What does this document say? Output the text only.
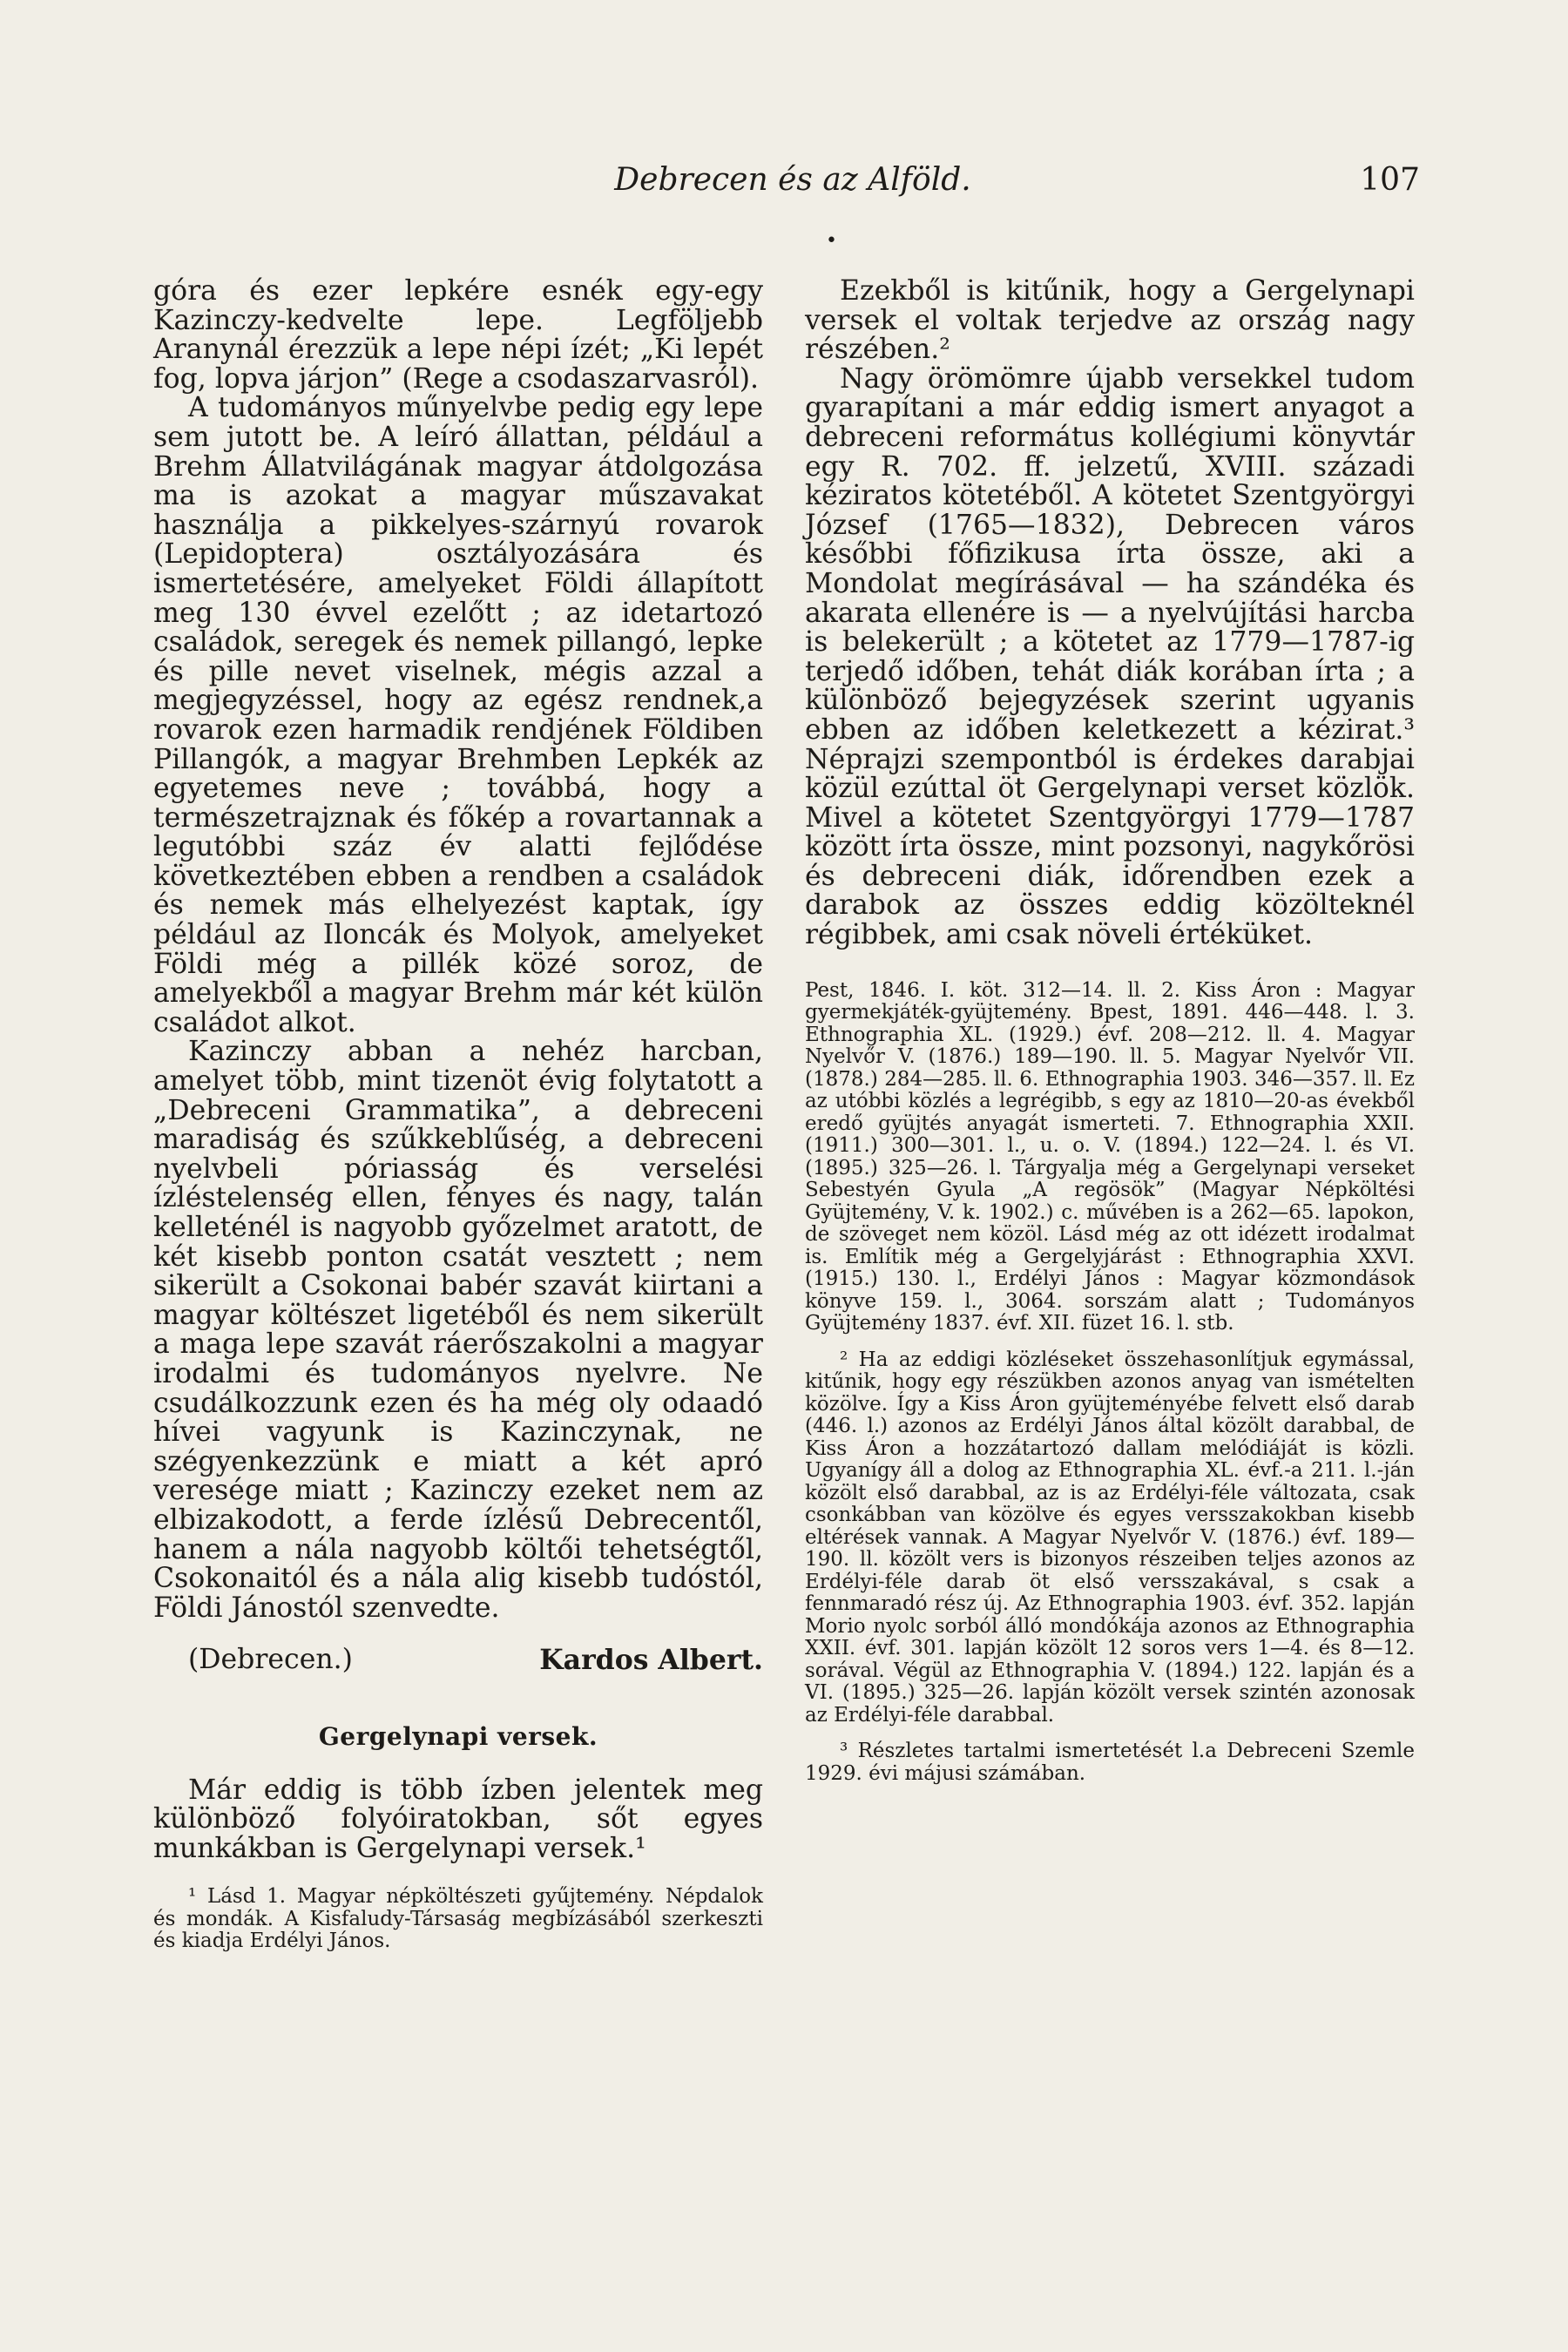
Debrecen és az Alföld.	107
•

góra és ezer lepkére esnék egy-egy Kazinczy-kedvelte lepe. Legföljebb Aranynál érezzük a lepe népi ízét; „Ki lepét fog, lopva járjon” (Rege a csodaszarvasról).

A tudományos műnyelvbe pedig egy lepe sem jutott be. A leíró állattan, például a Brehm Állatvilágának magyar átdolgozása ma is azokat a magyar műszavakat használja a pikkelyes-szárnyú rovarok (Lepidoptera) osztályozására és ismertetésére, amelyeket Földi állapított meg 130 évvel ezelőtt ; az idetartozó családok, seregek és nemek pillangó, lepke és pille nevet viselnek, mégis azzal a megjegyzéssel, hogy az egész rendnek,a rovarok ezen harmadik rendjének Földiben Pillangók, a magyar Brehmben Lepkék az egyetemes neve ; továbbá, hogy a természetrajznak és főkép a rovartannak a legutóbbi száz év alatti fejlődése következtében ebben a rendben a családok és nemek más elhelyezést kaptak, így például az Iloncák és Molyok, amelyeket Földi még a pillék közé soroz, de amelyekből a magyar Brehm már két külön családot alkot.

Kazinczy abban a nehéz harcban, amelyet több, mint tizenöt évig folytatott a „Debreceni Grammatika”, a debreceni maradiság és szűkkeblűség, a debreceni nyelvbeli póriasság és verselési ízléstelenség ellen, fényes és nagy, talán kelleténél is nagyobb győzelmet aratott, de két kisebb ponton csatát vesztett ; nem sikerült a Csokonai babér szavát kiirtani a magyar költészet ligetéből és nem sikerült a maga lepe szavát ráerőszakolni a magyar irodalmi és tudományos nyelvre. Ne csudálkozzunk ezen és ha még oly odaadó hívei vagyunk is Kazinczynak, ne szégyenkezzünk e miatt a két apró veresége miatt ; Kazinczy ezeket nem az elbizakodott, a ferde ízlésű Debrecentől, hanem a nála nagyobb költői tehetségtől, Csokonaitól és a nála alig kisebb tudóstól, Földi Jánostól szenvedte.

(Debrecen.)	Kardos Albert.
Gergelynapi versek.

Már eddig is több ízben jelentek meg különböző folyóiratokban, sőt egyes munkákban is Gergelynapi versek.¹

¹ Lásd 1. Magyar népköltészeti gyűjtemény. Népdalok és mondák. A Kisfaludy-Társaság megbízásából szerkeszti és kiadja Erdélyi János.

Ezekből is kitűnik, hogy a Gergelynapi versek el voltak terjedve az ország nagy részében.²

Nagy örömömre újabb versekkel tudom gyarapítani a már eddig ismert anyagot a debreceni református kollégiumi könyvtár egy R. 702. ff. jelzetű, XVIII. századi kéziratos kötetéből. A kötetet Szentgyörgyi József (1765—1832), Debrecen város későbbi főfizikusa írta össze, aki a Mondolat megírásával — ha szándéka és akarata ellenére is — a nyelvújítási harcba is belekerült ; a kötetet az 1779—1787-ig terjedő időben, tehát diák korában írta ; a különböző bejegyzések szerint ugyanis ebben az időben keletkezett a kézirat.³ Néprajzi szempontból is érdekes darabjai közül ezúttal öt Gergelynapi verset közlök. Mivel a kötetet Szentgyörgyi 1779—1787 között írta össze, mint pozsonyi, nagykőrösi és debreceni diák, időrendben ezek a darabok az összes eddig közölteknél régibbek, ami csak növeli értéküket.

Pest, 1846. I. köt. 312—14. ll. 2. Kiss Áron : Magyar gyermekjáték-gyüjtemény. Bpest, 1891. 446—448. l. 3. Ethnographia XL. (1929.) évf. 208—212. ll. 4. Magyar Nyelvőr V. (1876.) 189—190. ll. 5. Magyar Nyelvőr VII. (1878.) 284—285. ll. 6. Ethnographia 1903. 346—357. ll. Ez az utóbbi közlés a legrégibb, s egy az 1810—20-as évekből eredő gyüjtés anyagát ismerteti. 7. Ethnographia XXII. (1911.) 300—301. l., u. o. V. (1894.) 122—24. l. és VI. (1895.) 325—26. l. Tárgyalja még a Gergelynapi verseket Sebestyén Gyula „A regösök” (Magyar Népköltési Gyüjtemény, V. k. 1902.) c. művében is a 262—65. lapokon, de szöveget nem közöl. Lásd még az ott idézett irodalmat is. Említik még a Gergelyjárást : Ethnographia XXVI. (1915.) 130. l., Erdélyi János : Magyar közmondások könyve 159. l., 3064. sorszám alatt ; Tudományos Gyüjtemény 1837. évf. XII. füzet 16. l. stb.

² Ha az eddigi közléseket összehasonlítjuk egymással, kitűnik, hogy egy részükben azonos anyag van ismételten közölve. Így a Kiss Áron gyüjteményébe felvett első darab (446. l.) azonos az Erdélyi János által közölt darabbal, de Kiss Áron a hozzátartozó dallam melódiáját is közli. Ugyanígy áll a dolog az Ethnographia XL. évf.-a 211. l.-ján közölt első darabbal, az is az Erdélyi-féle változata, csak csonkábban van közölve és egyes versszakokban kisebb eltérések vannak. A Magyar Nyelvőr V. (1876.) évf. 189—190. ll. közölt vers is bizonyos részeiben teljes azonos az Erdélyi-féle darab öt első versszakával, s csak a fennmaradó rész új. Az Ethnographia 1903. évf. 352. lapján Morio nyolc sorból álló mondókája azonos az Ethnographia XXII. évf. 301. lapján közölt 12 soros vers 1—4. és 8—12. sorával. Végül az Ethnographia V. (1894.) 122. lapján és a VI. (1895.) 325—26. lapján közölt versek szintén azonosak az Erdélyi-féle darabbal.

³ Részletes tartalmi ismertetését l.a Debreceni Szemle 1929. évi májusi számában.
